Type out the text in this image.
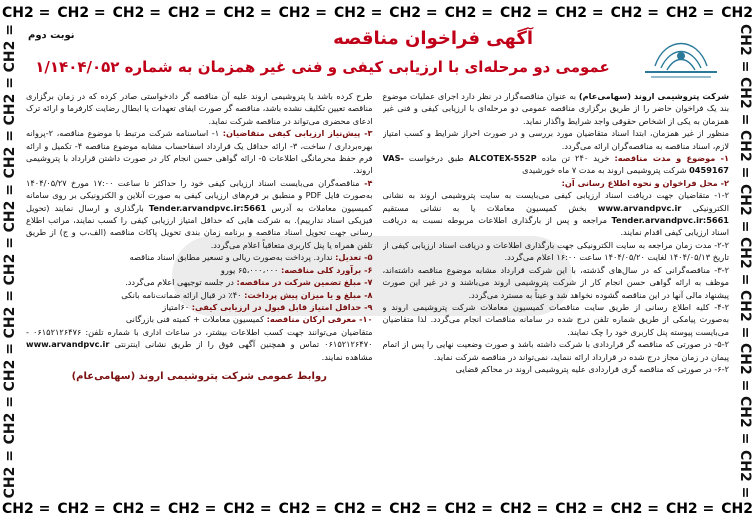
CH2 = CH2 = CH2 = CH2 = CH2 = CH2 = CH2 = CH2 = CH2 = CH2 = CH2 = CH2 = CH2 = CH2
CH2 = CH2 = CH2 = CH2 = CH2 = CH2 = CH2 = CH2 = CH2 = CH2 = CH2 = CH2 = CH2 = CH2
CH2 =
CH2 =
CH2 =
CH2 =
CH2 =
CH2 =
CH2 =
CH2 =
CH2 =
CH2 =
CH2 =
CH2 =
CH2 =
CH2 =
CH2 =
CH2 =
CH2 =
CH2 =
نوبت دوم	آگهی فراخوان مناقصه
عمومی دو مرحله‌ای با ارزیابی کیفی و فنی غیر همزمان به شماره ۱/۱۴۰۴/۰۵۲

شرکت پتروشیمی اروند (سهامی‌عام) به عنوان مناقصه‌گزار در نظر دارد اجرای عملیات موضوع بند یک فراخوان حاضر را از طریق برگزاری مناقصه عمومی دو مرحله‌ای با ارزیابی کیفی و فنی غیر همزمان به یکی از اشخاص حقوقی واجد شرایط واگذار نماید.

منظور از غیر همزمان، ابتدا اسناد متقاضیان مورد بررسی و در صورت احراز شرایط و کسب امتیاز لازم، اسناد مناقصه به مناقصه‌گران ارائه می‌گردد.

۱- موضوع و مدت مناقصه: خرید ۲۴۰ تن ماده ALCOTEX-552P طبق درخواست VAS-0459167 شرکت پتروشیمی اروند به مدت ۷ ماه خورشیدی

۲- محل فراخوان و نحوه اطلاع رسانی آن:

۱-۲- متقاضیان جهت دریافت اسناد ارزیابی کیفی می‌بایست به سایت پتروشیمی اروند به نشانی الکترونیکی www.arvandpvc.ir بخش کمیسیون معاملات یا به نشانی مستقیم Tender.arvandpvc.ir:5661 مراجعه و پس از بارگذاری اطلاعات مربوطه نسبت به دریافت اسناد ارزیابی کیفی اقدام نمایند.

۲-۲- مدت زمان مراجعه به سایت الکترونیکی جهت بارگذاری اطلاعات و دریافت اسناد ارزیابی کیفی از تاریخ ۱۴۰۴/۰۵/۱۳ لغایت ۱۴۰۴/۰۵/۲۰ ساعت ۱۶:۰۰ اعلام می‌گردد.

۳-۲- مناقصه‌گرانی که در سال‌های گذشته، با این شرکت قرارداد مشابه موضوع مناقصه داشته‌اند، موظف به ارائه گواهی حسن انجام کار از شرکت پتروشیمی اروند می‌باشند و در غیر این صورت پیشنهاد مالی آنها در این مناقصه گشوده نخواهد شد و عیناً به مسترد می‌گردد.

۴-۲- کلیه اطلاع رسانی از طریق سایت مناقصات کمیسیون معاملات شرکت پتروشیمی اروند و به‌صورت پیامکی از طریق شماره تلفن درج شده در سامانه مناقصات انجام می‌گردد. لذا متقاضیان می‌بایست پیوسته پنل کاربری خود را چک نمایند.

۵-۲- در صورتی که مناقصه گر قراردادی با شرکت داشته باشد و صورت وضعیت نهایی را پس از اتمام پیمان در زمان مجاز درج شده در قرارداد ارائه ننماید، نمی‌تواند در مناقصه شرکت نماید.

۶-۲- در صورتی که مناقصه گری قراردادی علیه پتروشیمی اروند در محاکم قضایی

طرح کرده باشد یا پتروشیمی اروند علیه آن مناقصه گر دادخواستی صادر کرده که در زمان برگزاری مناقصه تعیین تکلیف نشده باشد، مناقصه گر صورت ایفای تعهدات یا ابطال رضایت کارفرما و ارائه ترک ادعای محضری می‌تواند در مناقصه شرکت نماید.

۳- پیش‌نیاز ارزیابی کیفی متقاضیان: ۱- اساسنامه شرکت مرتبط با موضوع مناقصه، ۲-پروانه بهره‌برداری / ساخت، ۳- ارائه حداقل یک قرارداد اسفاحساب مشابه موضوع مناقصه ۴- تکمیل و ارائه فرم حفظ محرمانگی اطلاعات ۵- ارائه گواهی حسن انجام کار در صورت داشتن قرارداد با پتروشیمی اروند.

۴- مناقصه‌گران می‌بایست اسناد ارزیابی کیفی خود را حداکثر تا ساعت ۱۷:۰۰ مورخ ۱۴۰۴/۰۵/۲۷ به‌صورت فایل PDF و منطبق بر فرم‌های ارزیابی کیفی به صورت آنلاین و الکترونیکی بر روی سامانه کمیسیون معاملات به آدرس Tender.arvandpvc.ir:5661 بارگذاری و ارسال نمایند (تحویل فیزیکی اسناد ندارییم). به شرکت هایی که حداقل امتیاز ارزیابی کیفی را کسب نمایند، مراتب اطلاع رسانی جهت تحویل اسناد مناقصه و برنامه زمان بندی تحویل پاکات مناقصه (الف،ب و ج) از طریق تلفن همراه یا پنل کاربری متعاقباً اعلام می‌گردد.

۵- تعدیل: ندارد. پرداخت به‌صورت ریالی و تسعیر مطابق اسناد مناقصه

۶- برآورد کلی مناقصه: ۶۵،۰۰۰،۰۰۰ یورو

۷- مبلغ تضمین شرکت در مناقصه: در جلسه توجیهی اعلام می‌گردد.

۸- مبلغ و یا میزان پیش پرداخت: ۴۰٪ در قبال ارائه ضمانت‌نامه بانکی

۹- حداقل امتیاز قابل قبول در ارزیابی کیفی: ۶۰امتیاز

۱۰- معرفی ارکان مناقصه: کمیسیون معاملات + کمیته فنی بازرگانی

متقاضیان می‌توانند جهت کسب اطلاعات بیشتر، در ساعات اداری با شماره تلفن: ۰۶۱۵۲۱۲۶۴۷۶ - ۰۶۱۵۲۱۲۶۴۷۰ تماس و همچنین آگهی فوق را از طریق نشانی اینترنتی www.arvandpvc.ir مشاهده نمایند.

روابط عمومی شرکت پتروشیمی اروند (سهامی‌عام)
